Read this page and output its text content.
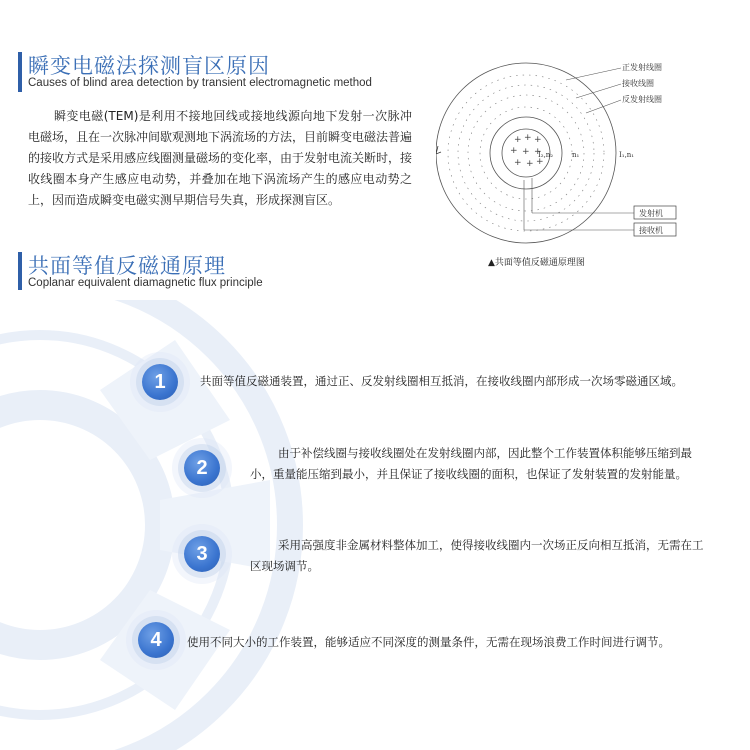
瞬变电磁法探测盲区原因
Causes of blind area detection by transient electromagnetic method
瞬变电磁(TEM)是利用不接地回线或接地线源向地下发射一次脉冲电磁场，且在一次脉冲间歇观测地下涡流场的方法，目前瞬变电磁法普遍的接收方式是采用感应线圈测量磁场的变化率，由于发射电流关断时，接收线圈本身产生感应电动势，并叠加在地下涡流场产生的感应电动势之上，因而造成瞬变电磁实测早期信号失真，形成探测盲区。
+ + +
+ + +
+ + +
I₂,n₂	n₁	I₁,n₁
正发射线圈
接收线圈
反发射线圈
发射机
接收机
▲共面等值反磁通原理图
共面等值反磁通原理
Coplanar equivalent diamagnetic flux principle
1	共面等值反磁通装置，通过正、反发射线圈相互抵消，在接收线圈内部形成一次场零磁通区域。
2
由于补偿线圈与接收线圈处在发射线圈内部，因此整个工作装置体积能够压缩到最小，重量能压缩到最小，并且保证了接收线圈的面积，也保证了发射装置的发射能量。
3	采用高强度非金属材料整体加工，使得接收线圈内一次场正反向相互抵消，无需在工区现场调节。
4	使用不同大小的工作装置，能够适应不同深度的测量条件，无需在现场浪费工作时间进行调节。
